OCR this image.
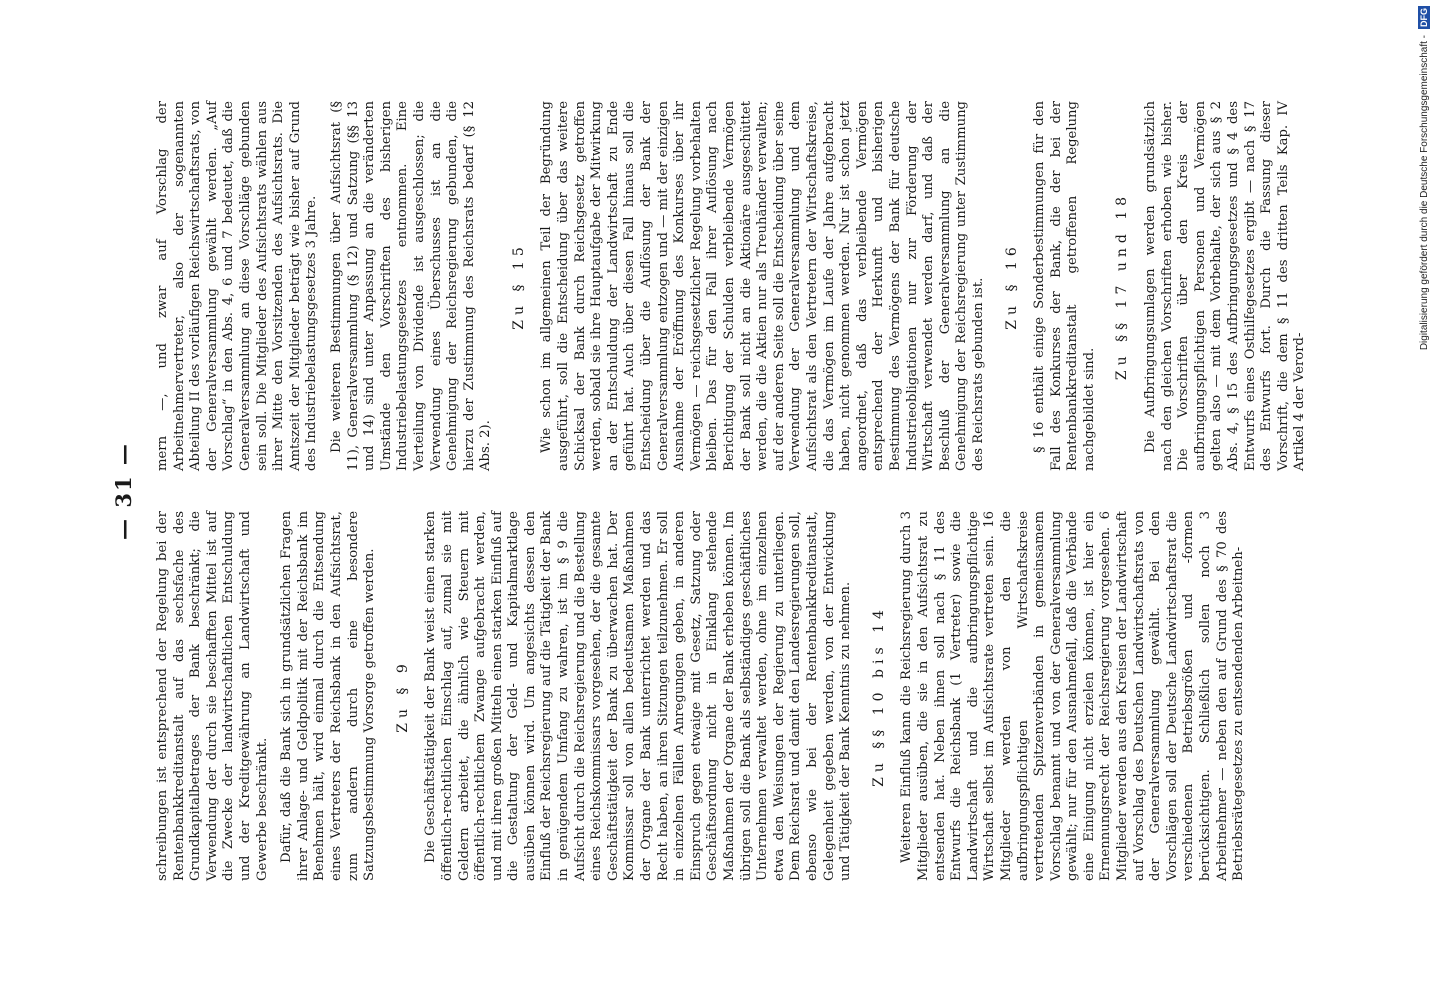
— 31 —

schreibungen ist entsprechend der Regelung bei der Rentenbankkreditanstalt auf das sechsfache des Grundkapitalbetrages der Bank beschränkt; die Verwendung der durch sie beschafften Mittel ist auf die Zwecke der landwirtschaftlichen Entschuldung und der Kreditgewährung an Landwirtschaft und Gewerbe beschränkt. Dafür, daß die Bank sich in grundsätzlichen Fragen ihrer Anlage- und Geldpolitik mit der Reichsbank im Benehmen hält, wird einmal durch die Entsendung eines Vertreters der Reichsbank in den Aufsichtsrat, zum andern durch eine besondere Satzungsbestimmung Vorsorge getroffen werden. Zu § 9 Die Geschäftstätigkeit der Bank weist einen starken öffentlich-rechtlichen Einschlag auf, zumal sie mit Geldern arbeitet, die ähnlich wie Steuern mit öffentlich-rechtlichem Zwange aufgebracht werden, und mit ihren großen Mitteln einen starken Einfluß auf die Gestaltung der Geld- und Kapitalmarktlage ausüben können wird. Um angesichts dessen den Einfluß der Reichsregierung auf die Tätigkeit der Bank in genügendem Umfang zu wahren, ist im § 9 die Aufsicht durch die Reichsregierung und die Bestellung eines Reichskommissars vorgesehen, der die gesamte Geschäftstätigkeit der Bank zu überwachen hat. Der Kommissar soll von allen bedeutsamen Maßnahmen der Organe der Bank unterrichtet werden und das Recht haben, an ihren Sitzungen teilzunehmen. Er soll in einzelnen Fällen Anregungen geben, in anderen Einspruch gegen etwaige mit Gesetz, Satzung oder Geschäftsordnung nicht in Einklang stehende Maßnahmen der Organe der Bank erheben können. Im übrigen soll die Bank als selbständiges geschäftliches Unternehmen verwaltet werden, ohne im einzelnen etwa den Weisungen der Regierung zu unterliegen. Dem Reichsrat und damit den Landesregierungen soll, ebenso wie bei der Rentenbankkreditanstalt, Gelegenheit gegeben werden, von der Entwicklung und Tätigkeit der Bank Kenntnis zu nehmen. Zu §§ 10 bis 14 Weiteren Einfluß kann die Reichsregierung durch 3 Mitglieder ausüben, die sie in den Aufsichtsrat zu entsenden hat. Neben ihnen soll nach § 11 des Entwurfs die Reichsbank (1 Vertreter) sowie die Landwirtschaft und die aufbringungspflichtige Wirtschaft selbst im Aufsichtsrate vertreten sein. 16 Mitglieder werden von den die aufbringungspflichtigen Wirtschaftskreise vertretenden Spitzenverbänden in gemeinsamem Vorschlag benannt und von der Generalversammlung gewählt; nur für den Ausnahmefall, daß die Verbände eine Einigung nicht erzielen können, ist hier ein Ernennungsrecht der Reichsregierung vorgesehen. 6 Mitglieder werden aus den Kreisen der Landwirtschaft auf Vorschlag des Deutschen Landwirtschaftsrats von der Generalversammlung gewählt. Bei den Vorschlägen soll der Deutsche Landwirtschaftsrat die verschiedenen Betriebsgrößen und -formen berücksichtigen. Schließlich sollen noch 3 Arbeitnehmer — neben den auf Grund des § 70 des Betriebsrätegesetzes zu entsendenden Arbeitneh-

mern —, und zwar auf Vorschlag der Arbeitnehmervertreter, also der sogenannten Abteilung II des vorläufigen Reichswirtschaftsrats, von der Generalversammlung gewählt werden. „Auf Vorschlag“ in den Abs. 4, 6 und 7 bedeutet, daß die Generalversammlung an diese Vorschläge gebunden sein soll. Die Mitglieder des Aufsichtsrats wählen aus ihrer Mitte den Vorsitzenden des Aufsichtsrats. Die Amtszeit der Mitglieder beträgt wie bisher auf Grund des Industriebelastungsgesetzes 3 Jahre. Die weiteren Bestimmungen über Aufsichtsrat (§ 11), Generalversammlung (§ 12) und Satzung (§§ 13 und 14) sind unter Anpassung an die veränderten Umstände den Vorschriften des bisherigen Industriebelastungsgesetzes entnommen. Eine Verteilung von Dividende ist ausgeschlossen; die Verwendung eines Überschusses ist an die Genehmigung der Reichsregierung gebunden, die hierzu der Zustimmung des Reichsrats bedarf (§ 12 Abs. 2).

Zu § 15 Wie schon im allgemeinen Teil der Begründung ausgeführt, soll die Entscheidung über das weitere Schicksal der Bank durch Reichsgesetz getroffen werden, sobald sie ihre Hauptaufgabe der Mitwirkung an der Entschuldung der Landwirtschaft zu Ende geführt hat. Auch über diesen Fall hinaus soll die Entscheidung über die Auflösung der Bank der Generalversammlung entzogen und — mit der einzigen Ausnahme der Eröffnung des Konkurses über ihr Vermögen — reichsgesetzlicher Regelung vorbehalten bleiben. Das für den Fall ihrer Auflösung nach Berichtigung der Schulden verbleibende Vermögen der Bank soll nicht an die Aktionäre ausgeschüttet werden, die die Aktien nur als Treuhänder verwalten; auf der anderen Seite soll die Entscheidung über seine Verwendung der Generalversammlung und dem Aufsichtsrat als den Vertretern der Wirtschaftskreise, die das Vermögen im Laufe der Jahre aufgebracht haben, nicht genommen werden. Nur ist schon jetzt angeordnet, daß das verbleibende Vermögen entsprechend der Herkunft und bisherigen Bestimmung des Vermögens der Bank für deutsche Industrieobligationen nur zur Förderung der Wirtschaft verwendet werden darf, und daß der Beschluß der Generalversammlung an die Genehmigung der Reichsregierung unter Zustimmung des Reichsrats gebunden ist. Zu § 16 § 16 enthält einige Sonderbestimmungen für den Fall des Konkurses der Bank, die der bei der Rentenbankkreditanstalt getroffenen Regelung nachgebildet sind.

Zu §§ 17 und 18 Die Aufbringungsumlagen werden grundsätzlich nach den gleichen Vorschriften erhoben wie bisher. Die Vorschriften über den Kreis der aufbringungspflichtigen Personen und Vermögen gelten also — mit dem Vorbehalte, der sich aus § 2 Abs. 4, § 15 des Aufbringungsgesetzes und § 4 des Entwurfs eines Osthilfegesetzes ergibt — nach § 17 des Entwurfs fort. Durch die Fassung dieser Vorschrift, die dem § 11 des dritten Teils Kap. IV Artikel 4 der Verord-

Digitalisierung gefördert durch die Deutsche Forschungsgemeinschaft -DFG
